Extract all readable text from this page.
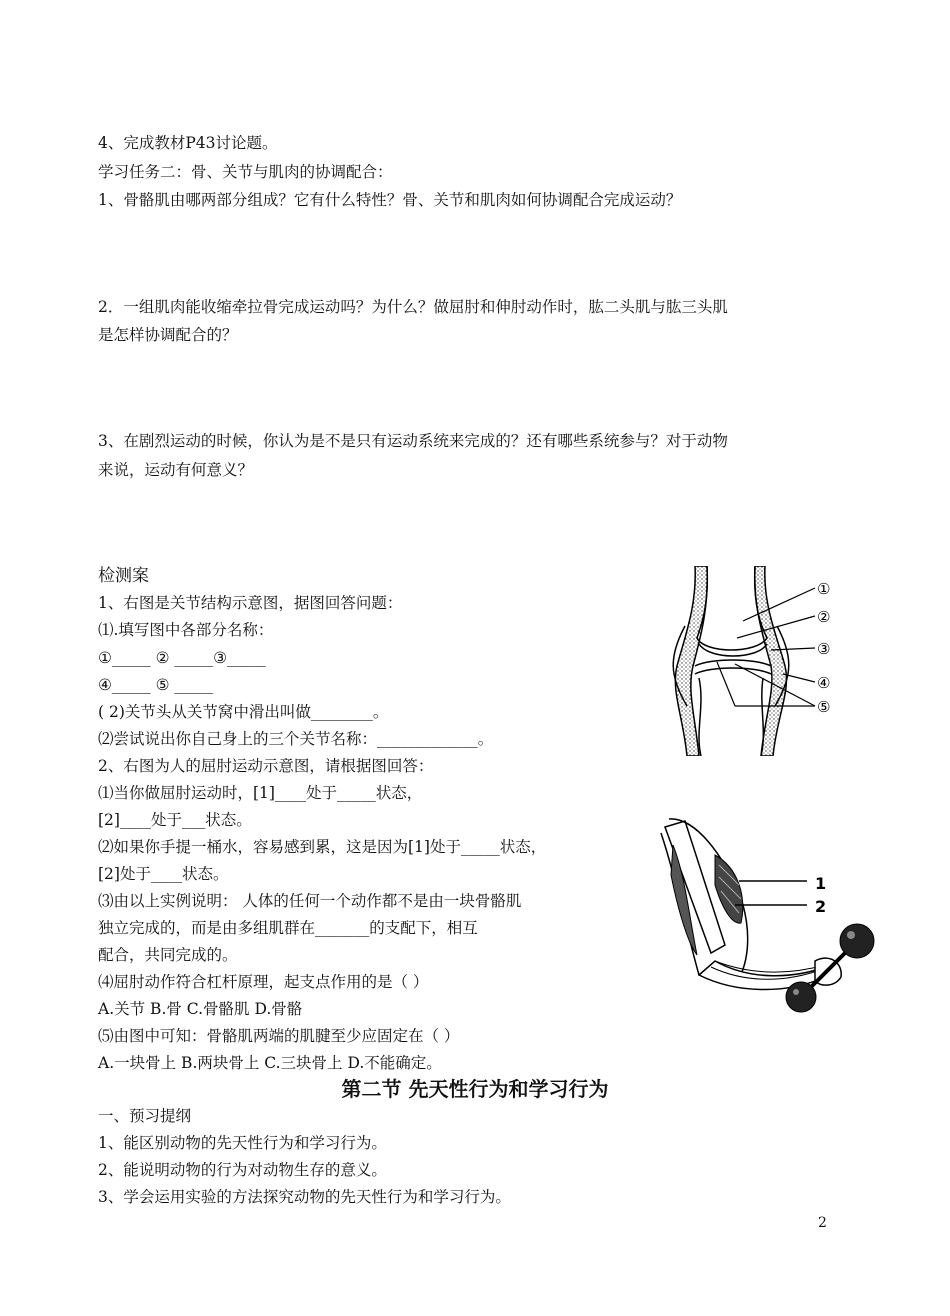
4、完成教材P43讨论题。
学习任务二：骨、关节与肌肉的协调配合：
1、骨骼肌由哪两部分组成？它有什么特性？骨、关节和肌肉如何协调配合完成运动？
2．一组肌肉能收缩牵拉骨完成运动吗？为什么？做屈肘和伸肘动作时，肱二头肌与肱三头肌
是怎样协调配合的？
3、在剧烈运动的时候，你认为是不是只有运动系统来完成的？还有哪些系统参与？对于动物
来说，运动有何意义？
检测案
1、右图是关节结构示意图，据图回答问题：
⑴.填写图中各部分名称：
①_____ ② _____③_____
④_____ ⑤ _____
( 2)关节头从关节窝中滑出叫做________。
⑵尝试说出你自己身上的三个关节名称：_____________。
2、右图为人的屈肘运动示意图，请根据图回答：
⑴当你做屈肘运动时，[1]____处于_____状态，
[2]____处于___状态。
⑵如果你手提一桶水，容易感到累，这是因为[1]处于_____状态，
[2]处于____状态。
⑶由以上实例说明： 人体的任何一个动作都不是由一块骨骼肌
独立完成的，而是由多组肌群在_______的支配下，相互
配合，共同完成的。
⑷屈肘动作符合杠杆原理，起支点作用的是（ ）
A.关节 B.骨 C.骨骼肌 D.骨骼
⑸由图中可知：骨骼肌两端的肌腱至少应固定在（ ）
A.一块骨上 B.两块骨上 C.三块骨上 D.不能确定。
第二节 先天性行为和学习行为
一、预习提纲
1、能区别动物的先天性行为和学习行为。
2、能说明动物的行为对动物生存的意义。
3、学会运用实验的方法探究动物的先天性行为和学习行为。
2
①
②
③
④
⑤
1
2
